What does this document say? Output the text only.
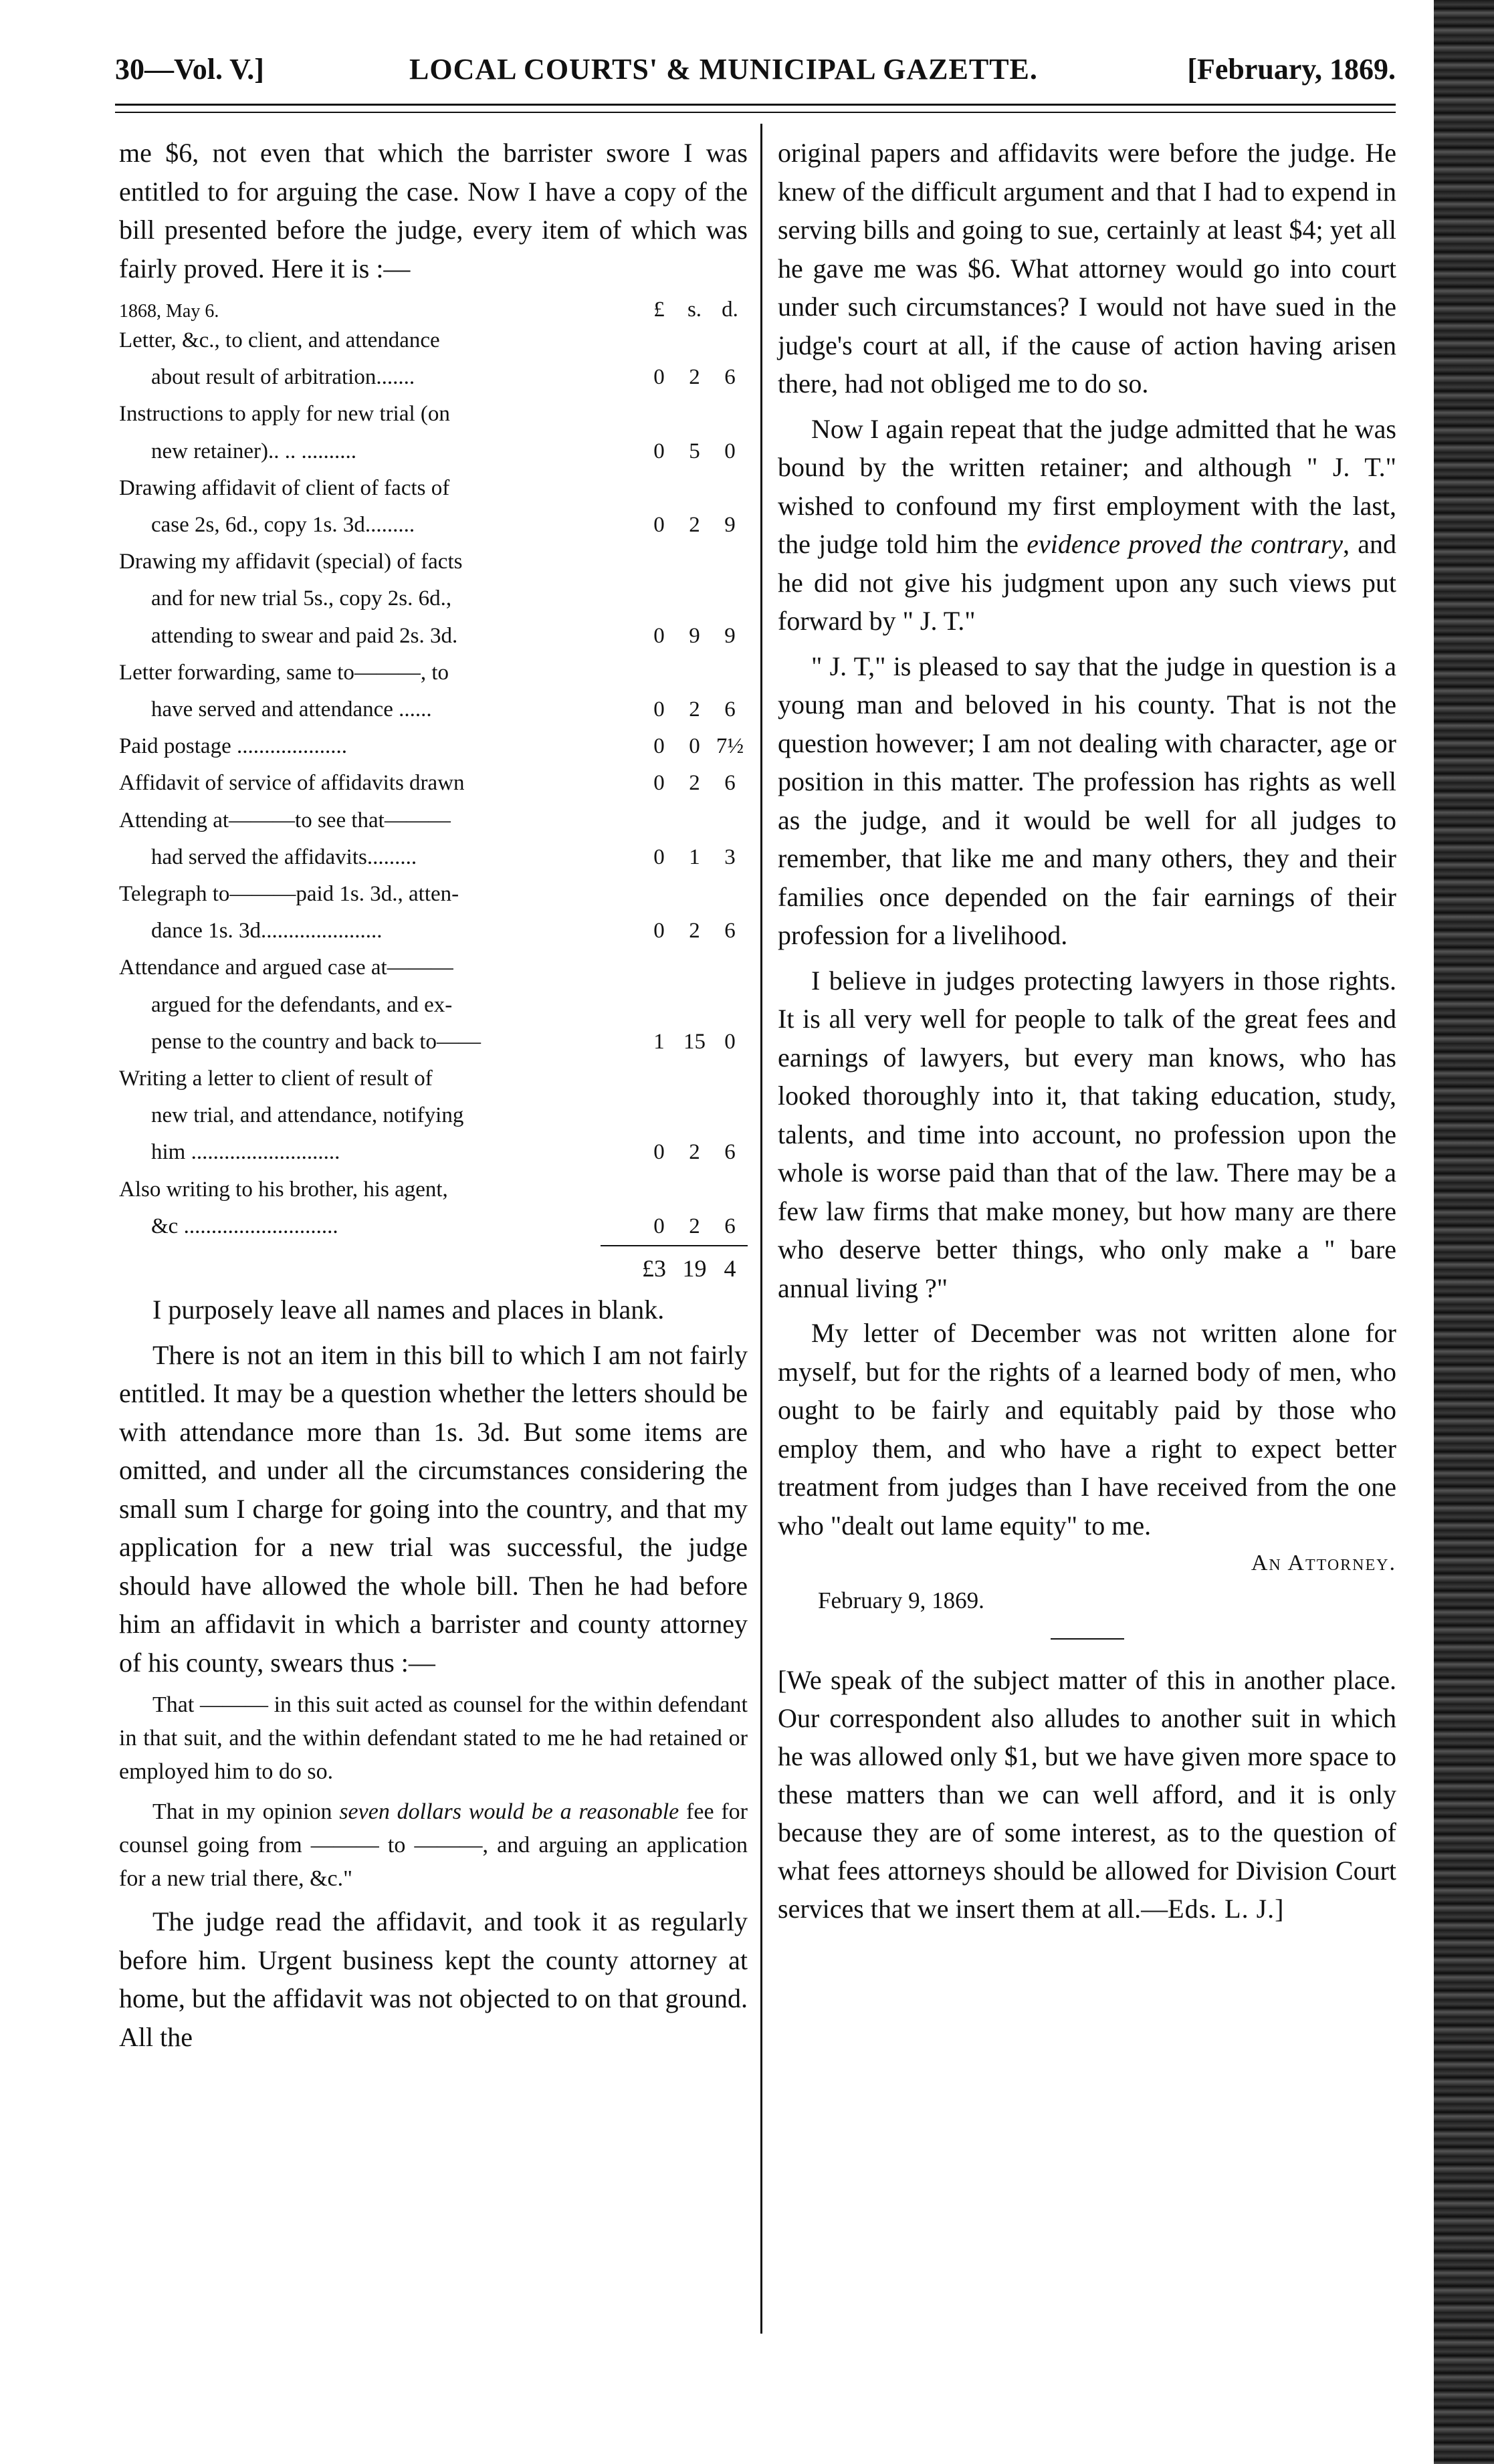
30—Vol. V.]	LOCAL COURTS' & MUNICIPAL GAZETTE.	[February, 1869.

me $6, not even that which the barrister swore I was entitled to for arguing the case. Now I have a copy of the bill presented before the judge, every item of which was fairly proved. Here it is :—

1868, May 6.	£	s. d.
Letter, &c., to client, and attendance
about result of arbitration.......	0	2	6
Instructions to apply for new trial (on
new retainer).. .. ..........	0	5	0
Drawing affidavit of client of facts of
case 2s, 6d., copy 1s. 3d.........	0	2	9
Drawing my affidavit (special) of facts
and for new trial 5s., copy 2s. 6d.,
attending to swear and paid 2s. 3d.	0	9	9
Letter forwarding, same to———, to
have served and attendance ......	0	2	6
Paid postage ....................	0	0 7½
Affidavit of service of affidavits drawn	0	2	6
Attending at———to see that———
had served the affidavits.........	0	1	3
Telegraph to———paid 1s. 3d., atten-
dance 1s. 3d......................	0	2	6
Attendance and argued case at———
argued for the defendants, and ex-
pense to the country and back to——	1 15 0
Writing a letter to client of result of
new trial, and attendance, notifying
him ...........................	0	2	6
Also writing to his brother, his agent,
&c ............................	0	2	6
£3 19 4

I purposely leave all names and places in blank.

There is not an item in this bill to which I am not fairly entitled. It may be a question whether the letters should be with attendance more than 1s. 3d. But some items are omitted, and under all the circumstances considering the small sum I charge for going into the country, and that my application for a new trial was successful, the judge should have allowed the whole bill. Then he had before him an affidavit in which a barrister and county attorney of his county, swears thus :—

That ——— in this suit acted as counsel for the within defendant in that suit, and the within defendant stated to me he had retained or employed him to do so.

That in my opinion seven dollars would be a reasonable fee for counsel going from ——— to ———, and arguing an application for a new trial there, &c."

The judge read the affidavit, and took it as regularly before him. Urgent business kept the county attorney at home, but the affidavit was not objected to on that ground. All the

original papers and affidavits were before the judge. He knew of the difficult argument and that I had to expend in serving bills and going to sue, certainly at least $4; yet all he gave me was $6. What attorney would go into court under such circumstances? I would not have sued in the judge's court at all, if the cause of action having arisen there, had not obliged me to do so.

Now I again repeat that the judge admitted that he was bound by the written retainer; and although " J. T." wished to confound my first employment with the last, the judge told him the evidence proved the contrary, and he did not give his judgment upon any such views put forward by " J. T."

" J. T," is pleased to say that the judge in question is a young man and beloved in his county. That is not the question however; I am not dealing with character, age or position in this matter. The profession has rights as well as the judge, and it would be well for all judges to remember, that like me and many others, they and their families once depended on the fair earnings of their profession for a livelihood.

I believe in judges protecting lawyers in those rights. It is all very well for people to talk of the great fees and earnings of lawyers, but every man knows, who has looked thoroughly into it, that taking education, study, talents, and time into account, no profession upon the whole is worse paid than that of the law. There may be a few law firms that make money, but how many are there who deserve better things, who only make a " bare annual living ?"

My letter of December was not written alone for myself, but for the rights of a learned body of men, who ought to be fairly and equitably paid by those who employ them, and who have a right to expect better treatment from judges than I have received from the one who "dealt out lame equity" to me.

An Attorney.
February 9, 1869.

[We speak of the subject matter of this in another place. Our correspondent also alludes to another suit in which he was allowed only $1, but we have given more space to these matters than we can well afford, and it is only because they are of some interest, as to the question of what fees attorneys should be allowed for Division Court services that we insert them at all.—Eds. L. J.]
